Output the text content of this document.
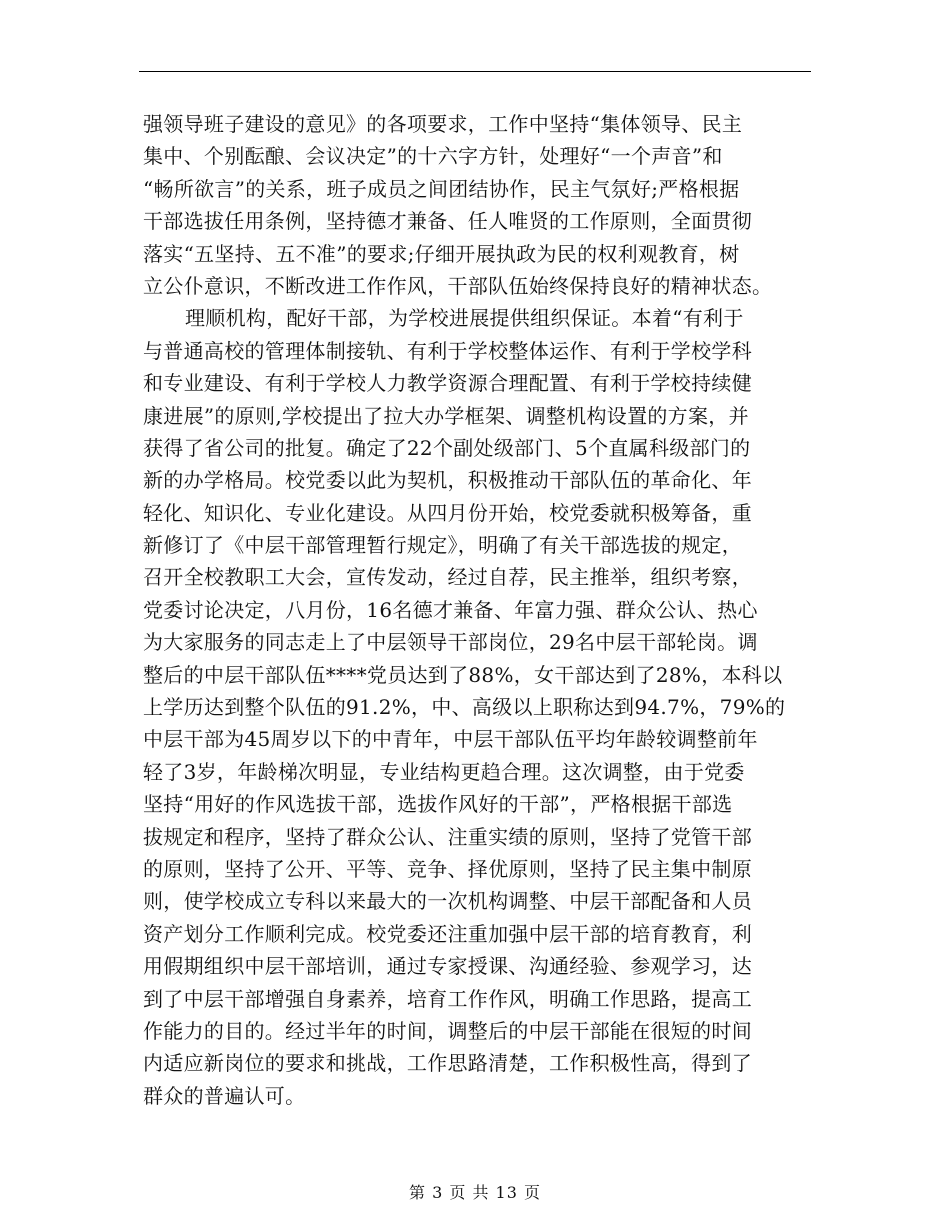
强领导班子建设的意见》的各项要求，工作中坚持“集体领导、民主
集中、个别酝酿、会议决定”的十六字方针，处理好“一个声音”和
“畅所欲言”的关系，班子成员之间团结协作，民主气氛好;严格根据
干部选拔任用条例，坚持德才兼备、任人唯贤的工作原则，全面贯彻
落实“五坚持、五不准”的要求;仔细开展执政为民的权利观教育，树
立公仆意识，不断改进工作作风，干部队伍始终保持良好的精神状态。
理顺机构，配好干部，为学校进展提供组织保证。本着“有利于
与普通高校的管理体制接轨、有利于学校整体运作、有利于学校学科
和专业建设、有利于学校人力教学资源合理配置、有利于学校持续健
康进展”的原则,学校提出了拉大办学框架、调整机构设置的方案，并
获得了省公司的批复。确定了22个副处级部门、5个直属科级部门的
新的办学格局。校党委以此为契机，积极推动干部队伍的革命化、年
轻化、知识化、专业化建设。从四月份开始，校党委就积极筹备，重
新修订了《中层干部管理暂行规定》，明确了有关干部选拔的规定，
召开全校教职工大会，宣传发动，经过自荐，民主推举，组织考察，
党委讨论决定，八月份，16名德才兼备、年富力强、群众公认、热心
为大家服务的同志走上了中层领导干部岗位，29名中层干部轮岗。调
整后的中层干部队伍****党员达到了88%，女干部达到了28%，本科以
上学历达到整个队伍的91.2%，中、高级以上职称达到94.7%，79%的
中层干部为45周岁以下的中青年，中层干部队伍平均年龄较调整前年
轻了3岁，年龄梯次明显，专业结构更趋合理。这次调整，由于党委
坚持“用好的作风选拔干部，选拔作风好的干部”，严格根据干部选
拔规定和程序，坚持了群众公认、注重实绩的原则，坚持了党管干部
的原则，坚持了公开、平等、竞争、择优原则，坚持了民主集中制原
则，使学校成立专科以来最大的一次机构调整、中层干部配备和人员
资产划分工作顺利完成。校党委还注重加强中层干部的培育教育，利
用假期组织中层干部培训，通过专家授课、沟通经验、参观学习，达
到了中层干部增强自身素养，培育工作作风，明确工作思路，提高工
作能力的目的。经过半年的时间，调整后的中层干部能在很短的时间
内适应新岗位的要求和挑战，工作思路清楚，工作积极性高，得到了
群众的普遍认可。
第 3 页 共 13 页
